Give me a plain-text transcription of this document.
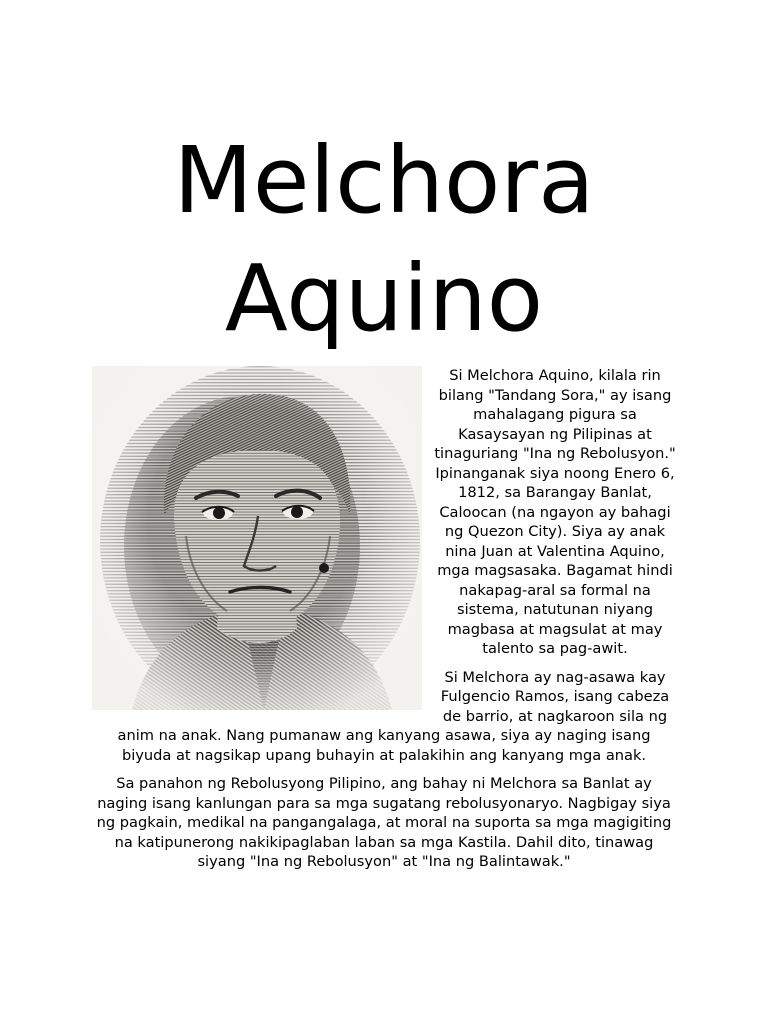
Melchora
Aquino

Si Melchora Aquino, kilala rin bilang "Tandang Sora," ay isang mahalagang pigura sa Kasaysayan ng Pilipinas at tinaguriang "Ina ng Rebolusyon." Ipinanganak siya noong Enero 6, 1812, sa Barangay Banlat, Caloocan (na ngayon ay bahagi ng Quezon City). Siya ay anak nina Juan at Valentina Aquino, mga magsasaka. Bagamat hindi nakapag-aral sa formal na sistema, natutunan niyang magbasa at magsulat at may talento sa pag-awit.

Si Melchora ay nag-asawa kay Fulgencio Ramos, isang cabeza de barrio, at nagkaroon sila ng anim na anak. Nang pumanaw ang kanyang asawa, siya ay naging isang biyuda at nagsikap upang buhayin at palakihin ang kanyang mga anak.

Sa panahon ng Rebolusyong Pilipino, ang bahay ni Melchora sa Banlat ay naging isang kanlungan para sa mga sugatang rebolusyonaryo. Nagbigay siya ng pagkain, medikal na pangangalaga, at moral na suporta sa mga magigiting na katipunerong nakikipaglaban laban sa mga Kastila. Dahil dito, tinawag siyang "Ina ng Rebolusyon" at "Ina ng Balintawak."
